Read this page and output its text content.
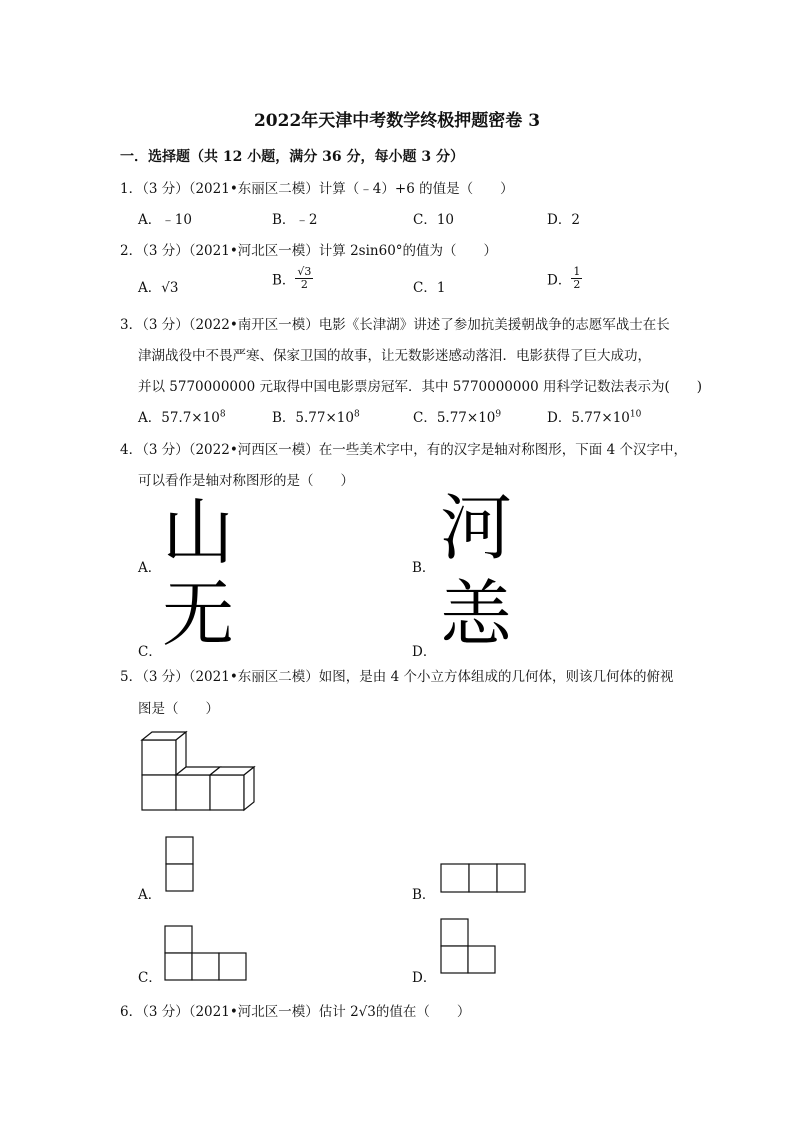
2022年天津中考数学终极押题密卷 3
一．选择题（共 12 小题，满分 36 分，每小题 3 分）
1．（3 分）（2021•东丽区二模）计算（﹣4）+6 的值是（　　）
A．﹣10	B．﹣2	C．10	D．2
2．（3 分）（2021•河北区一模）计算 2sin60°的值为（　　）
A．√3	B． $\frac{√3}{2}$	C．1	D． $\frac{1}{2}$
3．（3 分）（2022•南开区一模）电影《长津湖》讲述了参加抗美援朝战争的志愿军战士在长
津湖战役中不畏严寒、保家卫国的故事，让无数影迷感动落泪．电影获得了巨大成功，
并以 5770000000 元取得中国电影票房冠军．其中 5770000000 用科学记数法表示为(　　)
A．$57.7\times 10^8$	B．$5.77\times 10^8$	C．$5.77\times 10^9$	D．$5.77\times 10^{10}$
4．（3 分）（2022•河西区一模）在一些美术字中，有的汉字是轴对称图形，下面 4 个汉字中，
可以看作是轴对称图形的是（　　）
A． 山	B． 河
C． 无	D． 恙
5．（3 分）（2021•东丽区二模）如图，是由 4 个小立方体组成的几何体，则该几何体的俯视
图是（　　）
A．	B．
C．	D．
6．（3 分）（2021•河北区一模）估计 2√3的值在（　　）
